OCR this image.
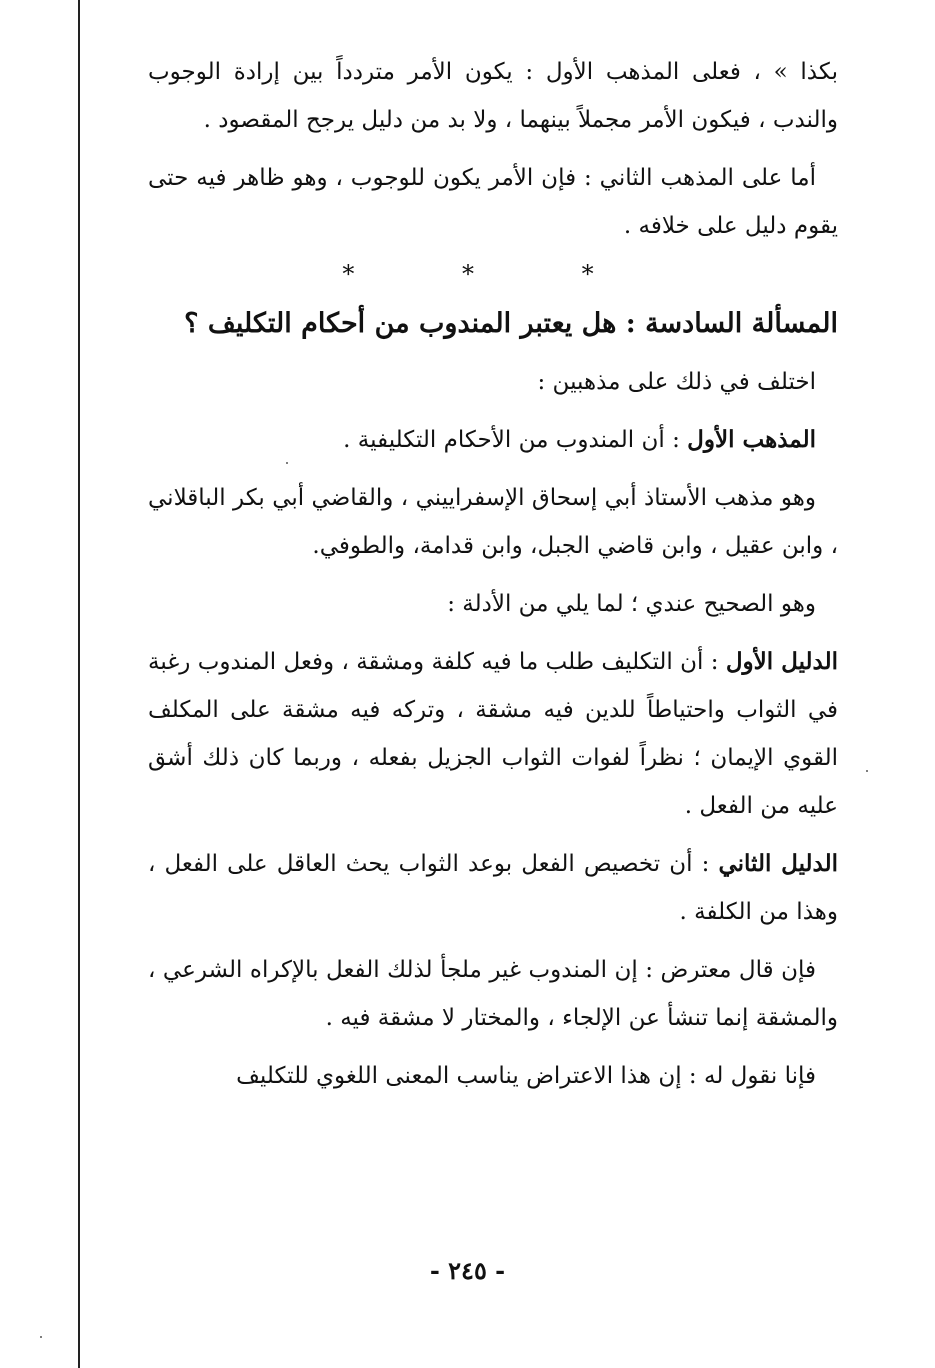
بكذا » ، فعلى المذهب الأول : يكون الأمر متردداً بين إرادة الوجوب والندب ، فيكون الأمر مجملاً بينهما ، ولا بد من دليل يرجح المقصود .

أما على المذهب الثاني : فإن الأمر يكون للوجوب ، وهو ظاهر فيه حتى يقوم دليل على خلافه .

* * *
المسألة السادسة : هل يعتبر المندوب من أحكام التكليف ؟

اختلف في ذلك على مذهبين :

المذهب الأول : أن المندوب من الأحكام التكليفية .

وهو مذهب الأستاذ أبي إسحاق الإسفراييني ، والقاضي أبي بكر الباقلاني ، وابن عقيل ، وابن قاضي الجبل، وابن قدامة، والطوفي.

وهو الصحيح عندي ؛ لما يلي من الأدلة :

الدليل الأول : أن التكليف طلب ما فيه كلفة ومشقة ، وفعل المندوب رغبة في الثواب واحتياطاً للدين فيه مشقة ، وتركه فيه مشقة على المكلف القوي الإيمان ؛ نظراً لفوات الثواب الجزيل بفعله ، وربما كان ذلك أشق عليه من الفعل .

الدليل الثاني : أن تخصيص الفعل بوعد الثواب يحث العاقل على الفعل ، وهذا من الكلفة .

فإن قال معترض : إن المندوب غير ملجأ لذلك الفعل بالإكراه الشرعي ، والمشقة إنما تنشأ عن الإلجاء ، والمختار لا مشقة فيه .

فإنا نقول له : إن هذا الاعتراض يناسب المعنى اللغوي للتكليف

- ٢٤٥ -
